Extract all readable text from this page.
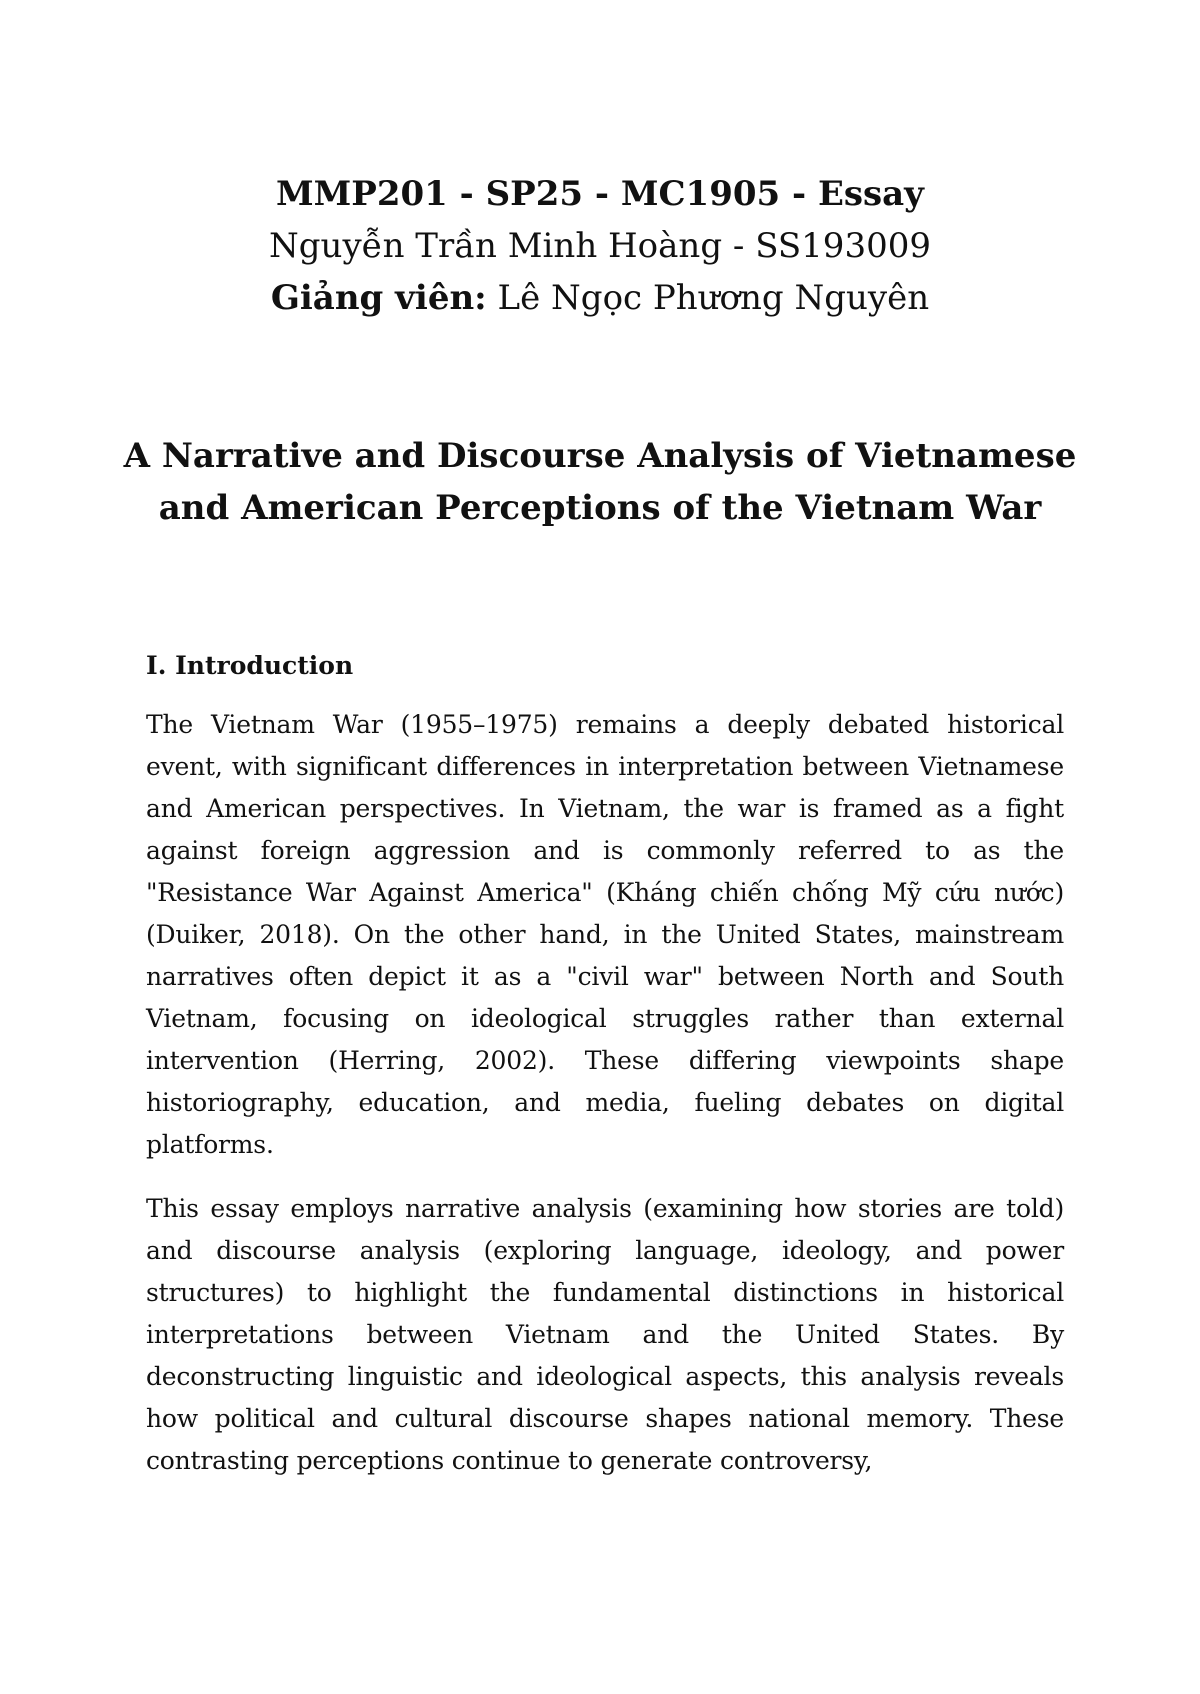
MMP201 - SP25 - MC1905 - Essay

Nguyễn Trần Minh Hoàng - SS193009

Giảng viên: Lê Ngọc Phương Nguyên

A Narrative and Discourse Analysis of Vietnamese
and American Perceptions of the Vietnam War
I. Introduction

The Vietnam War (1955–1975) remains a deeply debated historical event, with significant differences in interpretation between Vietnamese and American perspectives. In Vietnam, the war is framed as a fight against foreign aggression and is commonly referred to as the "Resistance War Against America" (Kháng chiến chống Mỹ cứu nước) (Duiker, 2018). On the other hand, in the United States, mainstream narratives often depict it as a "civil war" between North and South Vietnam, focusing on ideological struggles rather than external intervention (Herring, 2002). These differing viewpoints shape historiography, education, and media, fueling debates on digital platforms.

This essay employs narrative analysis (examining how stories are told) and discourse analysis (exploring language, ideology, and power structures) to highlight the fundamental distinctions in historical interpretations between Vietnam and the United States. By deconstructing linguistic and ideological aspects, this analysis reveals how political and cultural discourse shapes national memory. These contrasting perceptions continue to generate controversy,
